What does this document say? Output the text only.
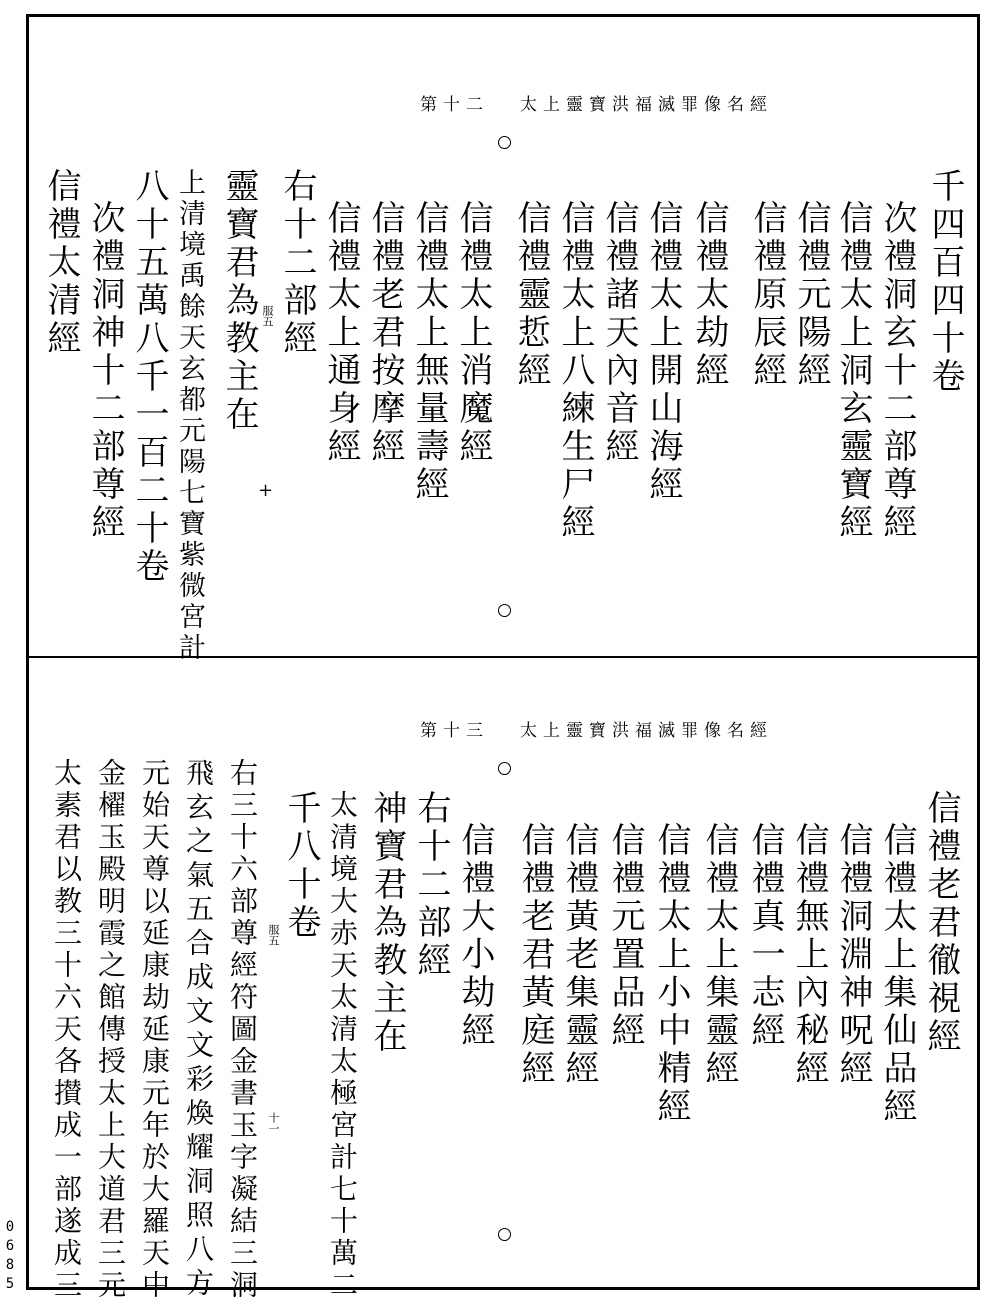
第十二 太上靈寶洪福滅罪像名經
+
千四百四十卷
次禮洞玄十二部尊經
信禮太上洞玄靈寶經
信禮元陽經
信禮原辰經
信禮太劫經
信禮太上開山海經
信禮諸天內音經
信禮太上八練生尸經
信禮靈悊經
信禮太上消魔經
信禮太上無量壽經
信禮老君按摩經
信禮太上通身經
右十二部經
服五
靈寶君為教主在
上清境禹餘天玄都元陽七寶紫微宮計
八十五萬八千一百二十卷
次禮洞神十二部尊經
信禮太清經
第十三 太上靈寶洪福滅罪像名經
信禮老君徹視經
信禮太上集仙品經
信禮洞淵神呪經
信禮無上內秘經
信禮真一志經
信禮太上集靈經
信禮太上小中精經
信禮元置品經
信禮黃老集靈經
信禮老君黃庭經
信禮大小劫經
右十二部經
神寶君為教主在
太清境大赤天太清太極宮計七十萬二
千八十卷
服五
十一
右三十六部尊經符圖金書玉字凝結三洞
飛玄之氣五合成文文彩煥耀洞照八方
元始天尊以延康劫延康元年於大羅天中
金櫂玉殿明霞之館傳授太上大道君三元
太素君以教三十六天各攅成一部遂成三
0685
